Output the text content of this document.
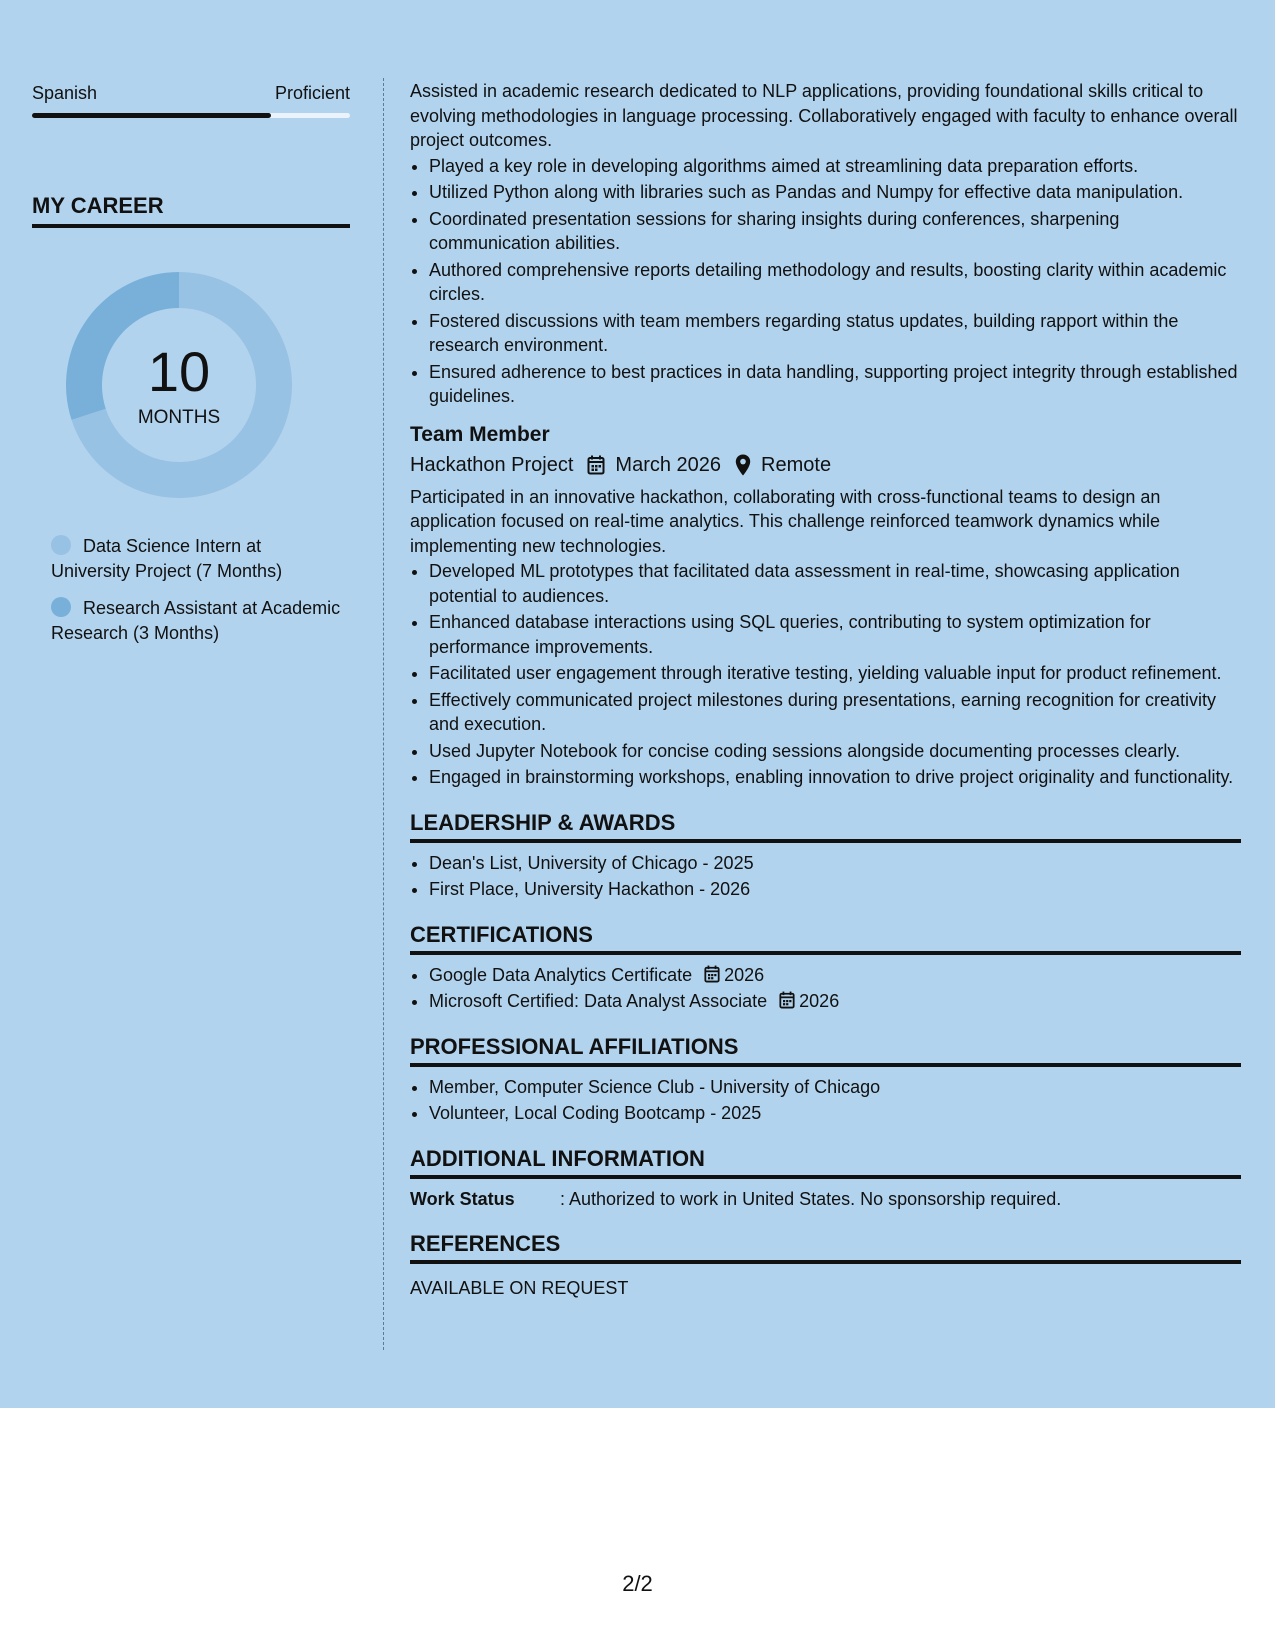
Spanish	Proficient
MY CAREER
10
MONTHS
Data Science Intern at University Project (7 Months)
Research Assistant at Academic Research (3 Months)

Assisted in academic research dedicated to NLP applications, providing foundational skills critical to evolving methodologies in language processing. Collaboratively engaged with faculty to enhance overall project outcomes.

• Played a key role in developing algorithms aimed at streamlining data preparation efforts.
• Utilized Python along with libraries such as Pandas and Numpy for effective data manipulation.
• Coordinated presentation sessions for sharing insights during conferences, sharpening communication abilities.
• Authored comprehensive reports detailing methodology and results, boosting clarity within academic circles.
• Fostered discussions with team members regarding status updates, building rapport within the research environment.
• Ensured adherence to best practices in data handling, supporting project integrity through established guidelines.
Team Member
Hackathon Project March 2026 Remote

Participated in an innovative hackathon, collaborating with cross-functional teams to design an application focused on real-time analytics. This challenge reinforced teamwork dynamics while implementing new technologies.

• Developed ML prototypes that facilitated data assessment in real-time, showcasing application potential to audiences.
• Enhanced database interactions using SQL queries, contributing to system optimization for performance improvements.
• Facilitated user engagement through iterative testing, yielding valuable input for product refinement.
• Effectively communicated project milestones during presentations, earning recognition for creativity and execution.
• Used Jupyter Notebook for concise coding sessions alongside documenting processes clearly.
• Engaged in brainstorming workshops, enabling innovation to drive project originality and functionality.
LEADERSHIP & AWARDS
• Dean's List, University of Chicago - 2025
• First Place, University Hackathon - 2026
CERTIFICATIONS
• Google Data Analytics Certificate 2026
• Microsoft Certified: Data Analyst Associate 2026
PROFESSIONAL AFFILIATIONS
• Member, Computer Science Club - University of Chicago
• Volunteer, Local Coding Bootcamp - 2025
ADDITIONAL INFORMATION
Work Status	: Authorized to work in United States. No sponsorship required.
REFERENCES
AVAILABLE ON REQUEST
2/2
